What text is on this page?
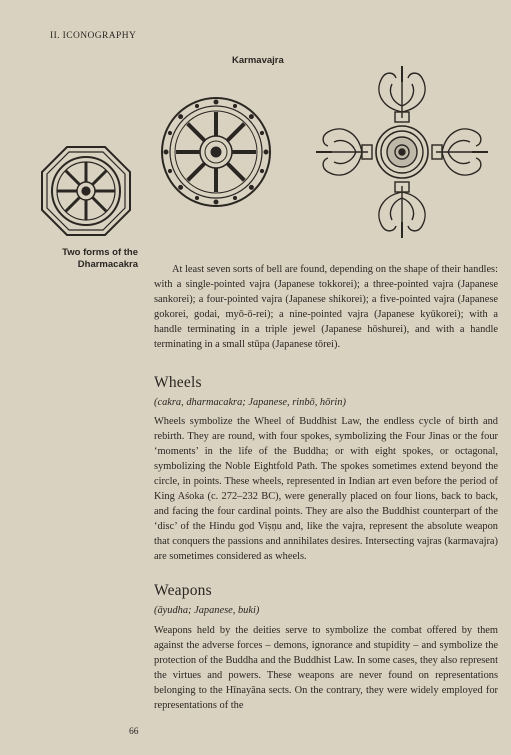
II. ICONOGRAPHY
Karmavajra
Two forms of the
Dharmacakra	At least seven sorts of bell are found, depending on the shape of their handles: with a single-pointed vajra (Japanese tokkorei); a three-pointed vajra (Japanese sankorei); a four-pointed vajra (Japanese shikorei); a five-pointed vajra (Japanese gokorei, godai, myō-ō-rei); a nine-pointed vajra (Japanese kyūkorei); with a handle terminating in a triple jewel (Japanese hōshurei), and with a handle terminating in a small stūpa (Japanese tōrei).

Wheels
(cakra, dharmacakra; Japanese, rinbō, hōrin)

Wheels symbolize the Wheel of Buddhist Law, the endless cycle of birth and rebirth. They are round, with four spokes, symbolizing the Four Jinas or the four ‘moments’ in the life of the Buddha; or with eight spokes, or octagonal, symbolizing the Noble Eightfold Path. The spokes sometimes extend beyond the circle, in points. These wheels, represented in Indian art even before the period of King Aśoka (c. 272–232 BC), were generally placed on four lions, back to back, and facing the four cardinal points. They are also the Buddhist counterpart of the ‘disc’ of the Hindu god Viṣṇu and, like the vajra, represent the absolute weapon that conquers the passions and annihilates desires. Intersecting vajras (karmavajra) are sometimes considered as wheels.

Weapons
(āyudha; Japanese, buki)

Weapons held by the deities serve to symbolize the combat offered by them against the adverse forces – demons, ignorance and stupidity – and symbolize the protection of the Buddha and the Buddhist Law. In some cases, they also represent the virtues and powers. These weapons are never found on representations belonging to the Hīnayāna sects. On the contrary, they were widely employed for representations of the

66
